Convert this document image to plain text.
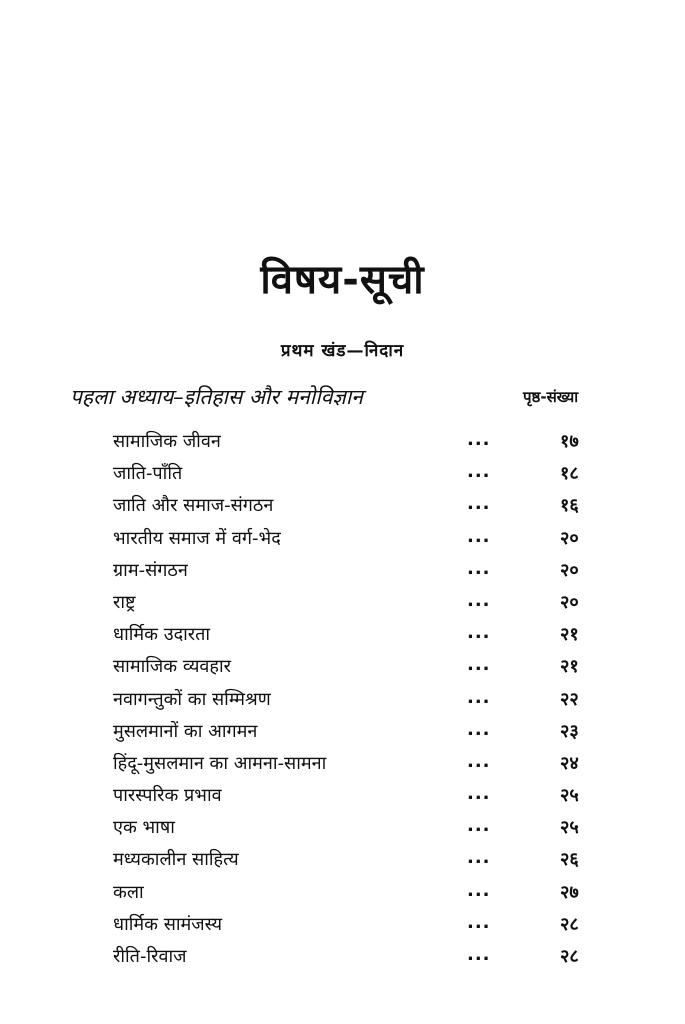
विषय-सूची
प्रथम खंड—निदान
पहला अध्याय–इतिहास और मनोविज्ञान	पृष्ठ-संख्या
सामाजिक जीवन	...	१७
जाति-पाँति	...	१८
जाति और समाज-संगठन	...	१६
भारतीय समाज में वर्ग-भेद	...	२०
ग्राम-संगठन	...	२०
राष्ट्र	...	२०
धार्मिक उदारता	...	२१
सामाजिक व्यवहार	...	२१
नवागन्तुकों का सम्मिश्रण	...	२२
मुसलमानों का आगमन	...	२३
हिंदू-मुसलमान का आमना-सामना	...	२४
पारस्परिक प्रभाव	...	२५
एक भाषा	...	२५
मध्यकालीन साहित्य	...	२६
कला	...	२७
धार्मिक सामंजस्य	...	२८
रीति-रिवाज	...	२८
